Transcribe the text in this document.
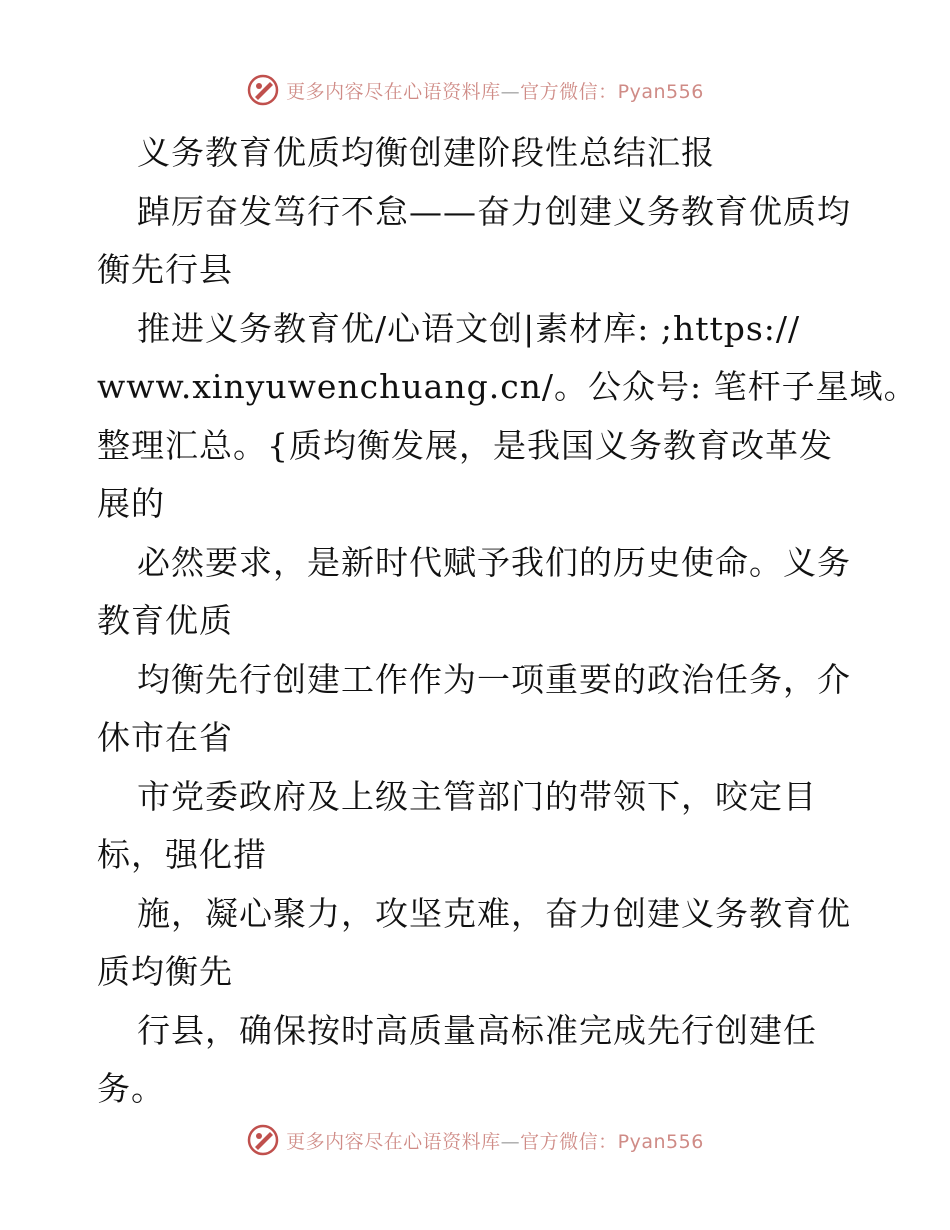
更多内容尽在心语资料库—官方微信：Pyan556
义务教育优质均衡创建阶段性总结汇报
踔厉奋发笃行不怠——奋力创建义务教育优质均
衡先行县
推进义务教育优/心语文创|素材库: ;https://
www.xinyuwenchuang.cn/。公众号: 笔杆子星域。
整理汇总。{质均衡发展，是我国义务教育改革发
展的
必然要求，是新时代赋予我们的历史使命。义务
教育优质
均衡先行创建工作作为一项重要的政治任务，介
休市在省
市党委政府及上级主管部门的带领下，咬定目
标，强化措
施，凝心聚力，攻坚克难，奋力创建义务教育优
质均衡先
行县，确保按时高质量高标准完成先行创建任
务。
更多内容尽在心语资料库—官方微信：Pyan556
